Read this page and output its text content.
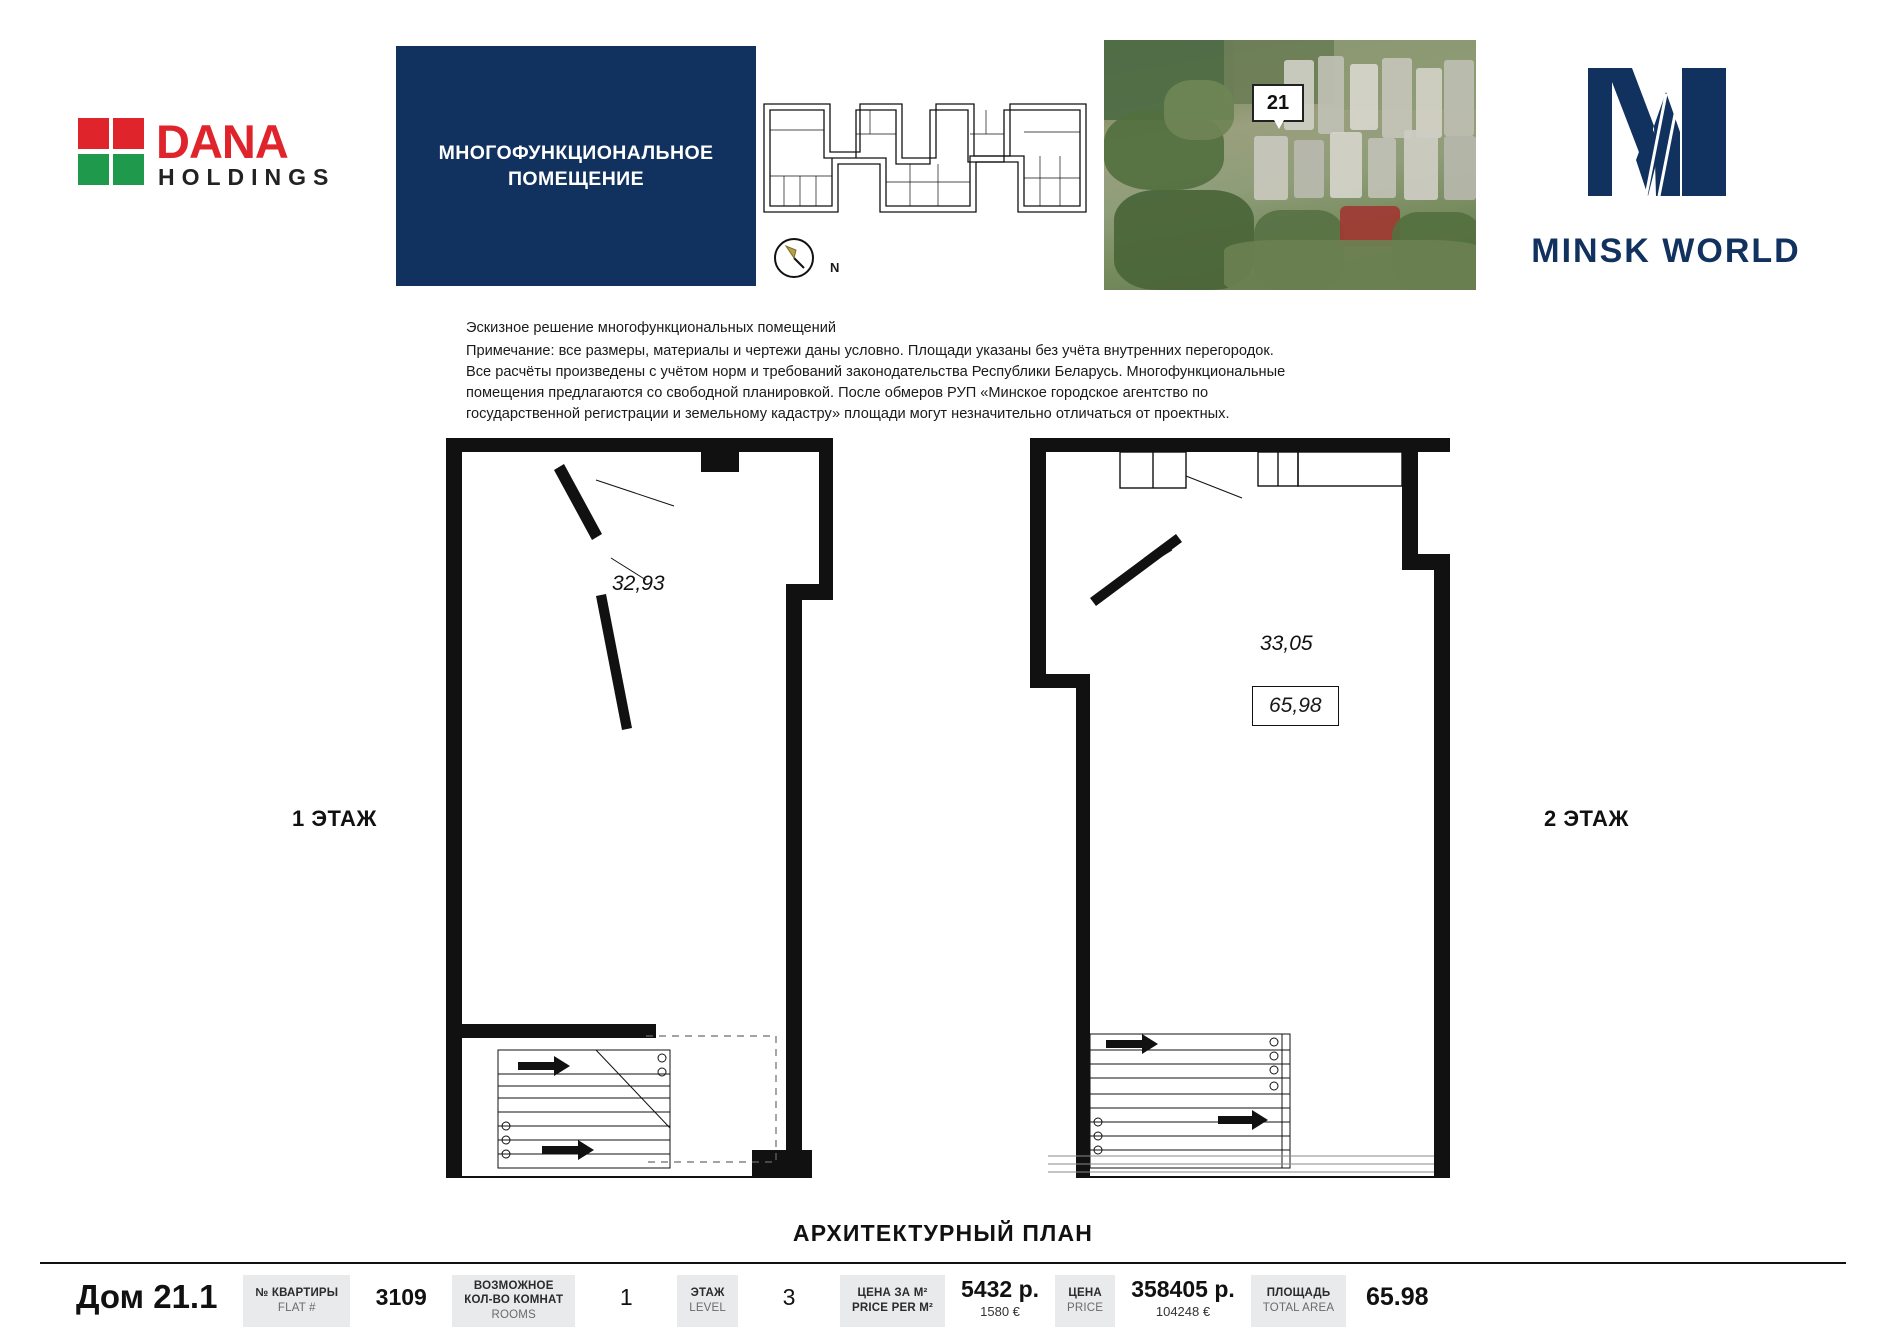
DANA
HOLDINGS
МНОГОФУНКЦИОНАЛЬНОЕ
ПОМЕЩЕНИЕ
N
21
MINSK WORLD
Эскизное решение многофункциональных помещений
Примечание: все размеры, материалы и чертежи даны условно. Площади указаны без учёта внутренних перегородок.
Все расчёты произведены с учётом норм и требований законодательства Республики Беларусь. Многофункциональные
помещения предлагаются со свободной планировкой. После обмеров РУП «Минское городское агентство по
государственной регистрации и земельному кадастру» площади могут незначительно отличаться от проектных.
1 ЭТАЖ	2 ЭТАЖ
32,93
33,05
65,98
АРХИТЕКТУРНЫЙ ПЛАН
Дом 21.1	№ КВАРТИРЫ
FLAT #	3109	ВОЗМОЖНОЕ
КОЛ-ВО КОМНАТ
ROOMS
1	ЭТАЖ
LEVEL	3	ЦЕНА ЗА М²
PRICE PER M²
5432 р.
1580 €
ЦЕНА
PRICE
358405 р.
104248 €
ПЛОЩАДЬ
TOTAL AREA 65.98
